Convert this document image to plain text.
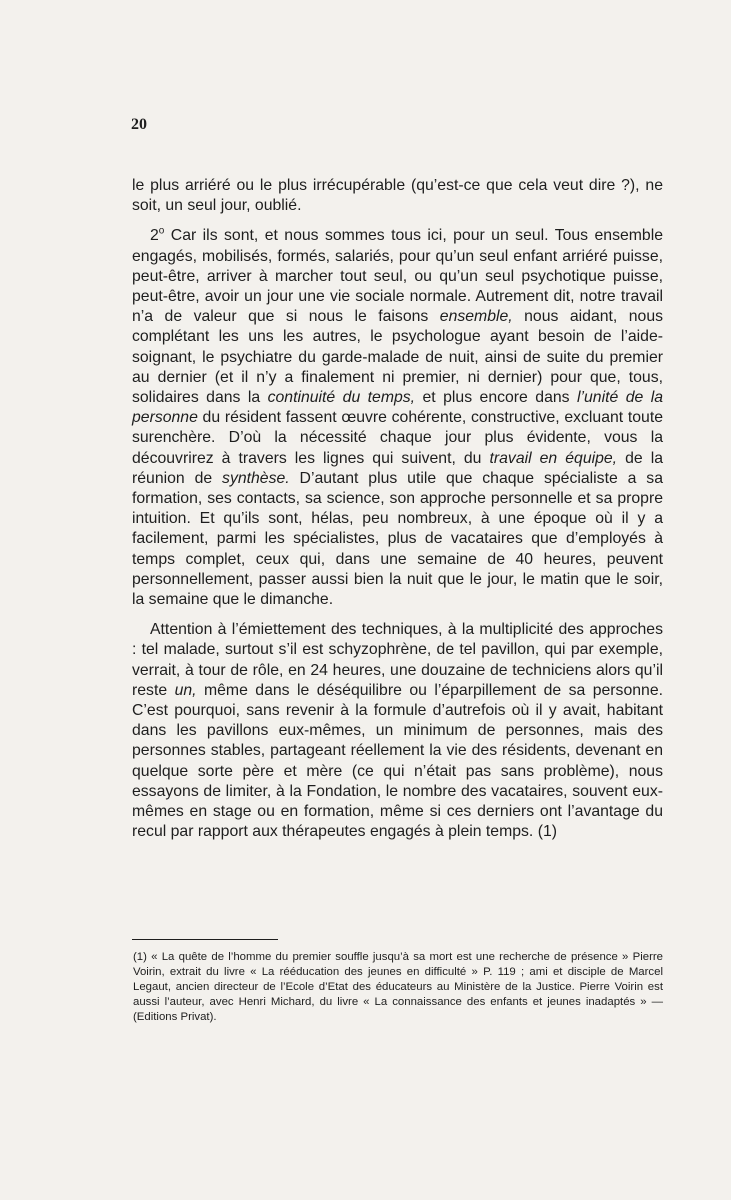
20

le plus arriéré ou le plus irrécupérable (qu’est-ce que cela veut dire ?), ne soit, un seul jour, oublié.

2$^o$ Car ils sont, et nous sommes tous ici, pour un seul. Tous ensemble engagés, mobilisés, formés, salariés, pour qu’un seul enfant arriéré puisse, peut-être, arriver à marcher tout seul, ou qu’un seul psychotique puisse, peut-être, avoir un jour une vie sociale normale. Autrement dit, notre travail n’a de valeur que si nous le faisons ensemble, nous aidant, nous complétant les uns les autres, le psychologue ayant besoin de l’aide-soignant, le psychiatre du garde-malade de nuit, ainsi de suite du premier au dernier (et il n’y a finalement ni premier, ni dernier) pour que, tous, solidaires dans la continuité du temps, et plus encore dans l’unité de la personne du résident fassent œuvre cohérente, constructive, excluant toute surenchère. D’où la nécessité chaque jour plus évidente, vous la découvrirez à travers les lignes qui suivent, du travail en équipe, de la réunion de synthèse. D’autant plus utile que chaque spécialiste a sa formation, ses contacts, sa science, son approche personnelle et sa propre intuition. Et qu’ils sont, hélas, peu nombreux, à une époque où il y a facilement, parmi les spécialistes, plus de vacataires que d’employés à temps complet, ceux qui, dans une semaine de 40 heures, peuvent personnellement, passer aussi bien la nuit que le jour, le matin que le soir, la semaine que le dimanche.

Attention à l’émiettement des techniques, à la multiplicité des approches : tel malade, surtout s’il est schyzophrène, de tel pavillon, qui par exemple, verrait, à tour de rôle, en 24 heures, une douzaine de techniciens alors qu’il reste un, même dans le déséquilibre ou l’éparpillement de sa personne. C’est pourquoi, sans revenir à la formule d’autrefois où il y avait, habitant dans les pavillons eux-mêmes, un minimum de personnes, mais des personnes stables, partageant réellement la vie des résidents, devenant en quelque sorte père et mère (ce qui n’était pas sans problème), nous essayons de limiter, à la Fondation, le nombre des vacataires, souvent eux-mêmes en stage ou en formation, même si ces derniers ont l’avantage du recul par rapport aux thérapeutes engagés à plein temps. (1)

(1) « La quête de l’homme du premier souffle jusqu’à sa mort est une recherche de présence » Pierre Voirin, extrait du livre « La rééducation des jeunes en difficulté » P. 119 ; ami et disciple de Marcel Legaut, ancien directeur de l’Ecole d’Etat des éducateurs au Ministère de la Justice. Pierre Voirin est aussi l’auteur, avec Henri Michard, du livre « La connaissance des enfants et jeunes inadaptés » — (Editions Privat).
